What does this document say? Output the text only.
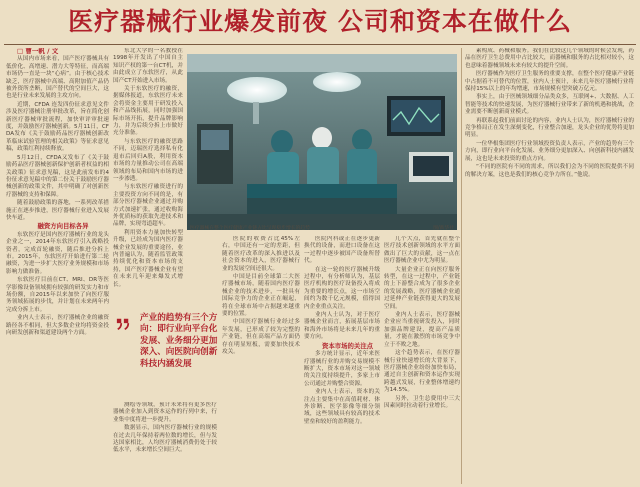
医疗器械行业爆发前夜 公司和资本在做什么

□ 曹一帆 / 文

从国内市场来看，国产医疗器械具有低价化、高增速、潜力大等特征，而高端市场仍一直是一块“心病”。由于核心技术缺乏，医疗器械中高端、高附加值产品仍被外资所垄断，国产替代的空间巨大，这也是行业未来发展的主攻方向。

近期，CFDA 连发四份征求意见文件涉及医疗器械注册审批改革，旨在简化创新医疗器械审批流程，加快审评审批速度，并鼓励医疗器械创新。5月11日，CFDA发布《关于鼓励药品医疗器械创新改革临床试验管理的相关政策》等征求意见稿，政策红利持续释放。

5月12日，CFDA又发布了《关于鼓励药品医疗器械创新保护创新者权益的相关政策》征求意见稿，这是此前发布的4份征求意见稿中的第二份关于鼓励医疗器械创新的政策文件，其中明确了对创新医疗器械的支持和保障。

随着鼓励政策的落地，一系列改革措施正在逐步推进，医疗器械行业进入发展快车道。

融资方向目标各异

东软医疗是国内医疗器械行业的龙头企业之一，2014年东软医疗引入战略投资者，完成首轮融资，随后推进分拆上市。2015年，东软医疗开始进行第二轮融资，为进一步扩大医疗业务规模和市场影响力做准备。

东软医疗目前在CT、MRI、DR等医学影像设备领域拥有较强的研发实力和市场份额，自2015年以来加快了向医疗服务领域拓展的步伐，并计划在未来两年内完成分拆上市。

业内人士表示，医疗器械企业的融资路径各不相同，但大多数企业均将资金投向研发创新和渠道建设两个方面。

东北大学的一名教授在1998年开发出了中国自主知识产权的第一台CT机，并由此成立了东软医疗，从此国产CT开始进入市场。

关于东软医疗的融资，据媒体报道，东软医疗未来会将资金主要用于研发投入和产品线拓展，同时加强国际市场开拓，提升品牌影响力，并为后续分拆上市做好充分准备。

与东软医疗的融资思路不同，迈瑞医疗选择私有化退市后回归A股，利用资本市场的力量推动公司在高端领域的布局和国内市场的进一步渗透。

与东软医疗融资进行的主要投资方向不同的是，有部分医疗器械企业通过并购方式加速扩张，通过收购海外优质标的获取先进技术和品牌，实现弯道超车。

利用资本力量加快转型升级，已经成为国内医疗器械企业发展的重要途径，业内普遍认为，随着监管政策持续优化和资本市场的支持，国产医疗器械企业有望在未来几年迎来爆发式增长。

医疗器械在整个医疗健康产业链占比呈现稳步增长的趋势	图/新华社
产业的趋势有三个方向：即行业向平台化发展、业务细分更加深入、向医院向创新科技内涵发展

测绘等领域，预计未来将有更多医疗器械企业加入到资本运作的行列中来，行业集中度将进一步提升。

数据显示，国内医疗器械行业的规模在过去几年保持着两位数的增长，但与发达国家相比，人均医疗器械消费仍处于较低水平，未来增长空间巨大。

医院的收费占比45%左右，中国还有一定的差距，但随着医疗改革的深入推进以及社会资本的进入，医疗器械行业的发展空间还很大。

中国是目前全球第二大医疗器械市场，随着国内医疗器械企业的技术进步，一批具有国际竞争力的企业正在崛起，将在全球市场中占据越来越重要的位置。

中国医疗器械行业经过多年发展，已形成了较为完整的产业链，但在高端产品方面仍存在明显短板，需要加快技术攻关。

医院内科或正在逐步更新换代的设备，而进口设备在这一过程中逐步被国产设备所替代。

在这一轮的医疗器械升级过程中，有分析师认为，基层医疗机构的医疗设备投入将成为重要的增长点，这一市场空间约为数千亿元规模，值得国内企业重点关注。

业内人士认为，对于医疗器械企业而言，拓展基层市场和海外市场将是未来几年的重要方向。

资本市场的关注点

多方统计显示，近年来医疗器械行业的并购交易规模不断扩大，资本市场对这一领域的关注度持续提升，多家上市公司通过并购整合资源。

业内人士表示，资本的关注点主要集中在高值耗材、体外诊断、医学影像等细分领域，这些领域具有较高的技术壁垒和较好的盈利能力。

几个大点，首先就在整个医疗技术创新领域的水平方面做出了巨大的贡献，这一点在医疗器械企业中尤为明显。

大量企业正在向医疗服务转型，在这一过程中，产业链的上下游整合成为了很多企业的发展战略，医疗器械企业通过延伸产业链获得更大的发展空间。

业内人士表示，医疗器械企业应当重视研发投入，同时加强品牌建设，提高产品质量，才能在激烈的市场竞争中立于不败之地。

这个趋势表示，在医疗器械行业快速增长的大背景下，医疗器械企业纷纷加快布局，通过自主创新和资本运作实现跨越式发展，行业整体增速约为14.5%。

另外，卫生总费用中三大因素同时拉动着行业增长。

素构成、药械和服务。我们在比较这几个领域的时候会发现，药品在医疗卫生总费用中占比较大，而器械和服务的占比相对较小，这也意味着器械领域未来有较大的提升空间。

医疗器械作为医疗卫生服务的重要支撑，在整个医疗健康产业链中占据着不可替代的位置，业内人士预计，未来几年医疗器械行业将保持15%以上的年均增速，市场规模有望突破万亿元。

事实上，由于医械领域细分品类众多，互联网+、大数据、人工智能等技术的快速发展，为医疗器械行业带来了新的机遇和挑战，企业需要不断创新商业模式。

再联系起我们前面讨论的内容，业内人士认为，医疗器械行业的竞争格局正在发生深刻变化，行业整合加速，龙头企业的优势将更加明显。

一位华根集团医疗行业领域投资负责人表示，产业的趋势有三个方向，即行业向平台化发展、业务细分更加深入、向创新科技内涵发展，这也是未来投资的重点方向。

“不同的医院有不同的需求，所以我们会为不同的医院提供不同的解决方案，这也是我们的核心竞争力所在。”他说。
